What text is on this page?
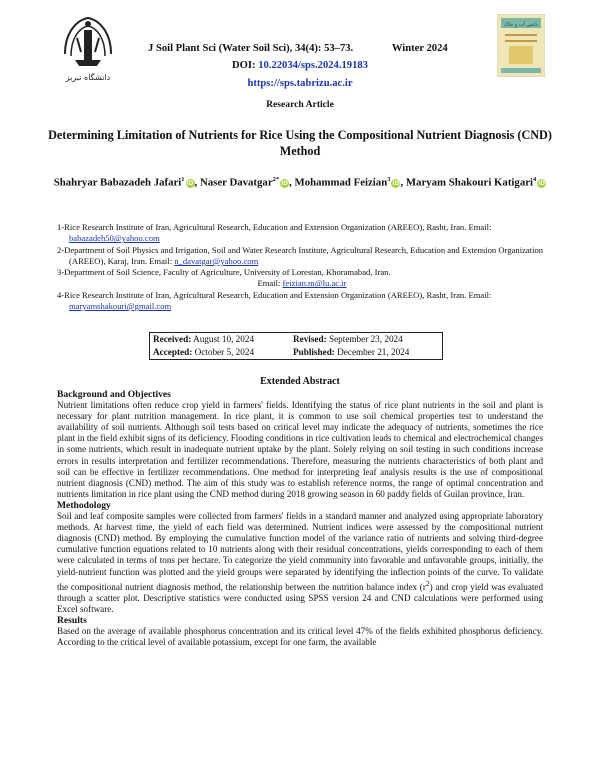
دانشگاه تبریز
دانش آب و خاک
J Soil Plant Sci (Water Soil Sci), 34(4): 53–73.	Winter 2024
DOI: 10.22034/sps.2024.19183
https://sps.tabrizu.ac.ir
Research Article
Determining Limitation of Nutrients for Rice Using the Compositional Nutrient Diagnosis (CND) Method
Shahryar Babazadeh Jafari$^1$iD, Naser Davatgar$^{2*}$iD, Mohammad Feizian$^3$iD, Maryam Shakouri Katigari$^4$iD
1-Rice Research Institute of Iran, Agricultural Research, Education and Extension Organization (AREEO), Rasht, Iran. Email: babazadeh50@yahoo.com
2-Department of Soil Physics and Irrigation, Soil and Water Research Institute, Agricultural Research, Education and Extension Organization (AREEO), Karaj, Iran. Email: n_davatgar@yahoo.com
3-Department of Soil Science, Faculty of Agriculture, University of Lorestan, Khoramabad, Iran.
Email: feizian.m@lu.ac.ir
4-Rice Research Institute of Iran, Agricultural Research, Education and Extension Organization (AREEO), Rasht, Iran. Email: maryamshakouri@gmail.com
Received: August 10, 2024	Revised: September 23, 2024
Accepted: October 5, 2024	Published: December 21, 2024
Extended Abstract
Background and Objectives

Nutrient limitations often reduce crop yield in farmers' fields. Identifying the status of rice plant nutrients in the soil and plant is necessary for plant nutrition management. In rice plant, it is common to use soil chemical properties test to understand the availability of soil nutrients. Although soil tests based on critical level may indicate the adequacy of nutrients, sometimes the rice plant in the field exhibit signs of its deficiency. Flooding conditions in rice cultivation leads to chemical and electrochemical changes in some nutrients, which result in inadequate nutrient uptake by the plant. Solely relying on soil testing in such conditions increase errors in results interpretation and fertilizer recommendations. Therefore, measuring the nutrients characteristics of both plant and soil can be effective in fertilizer recommendations. One method for interpreting leaf analysis results is the use of compositional nutrient diagnosis (CND) method. The aim of this study was to establish reference norms, the range of optimal concentration and nutrients limitation in rice plant using the CND method during 2018 growing season in 60 paddy fields of Guilan province, Iran.

Methodology

Soil and leaf composite samples were collected from farmers' fields in a standard manner and analyzed using appropriate laboratory methods. At harvest time, the yield of each field was determined. Nutrient indices were assessed by the compositional nutrient diagnosis (CND) method. By employing the cumulative function model of the variance ratio of nutrients and solving third-degree cumulative function equations related to 10 nutrients along with their residual concentrations, yields corresponding to each of them were calculated in terms of tons per hectare. To categorize the yield community into favorable and unfavorable groups, initially, the yield-nutrient function was plotted and the yield groups were separated by identifying the inflection points of the curve. To validate the compositional nutrient diagnosis method, the relationship between the nutrition balance index $(r^2)$ and crop yield was evaluated through a scatter plot. Descriptive statistics were conducted using SPSS version 24 and CND calculations were performed using Excel software.

Results

Based on the average of available phosphorus concentration and its critical level 47% of the fields exhibited phosphorus deficiency. According to the critical level of available potassium, except for one farm, the available
